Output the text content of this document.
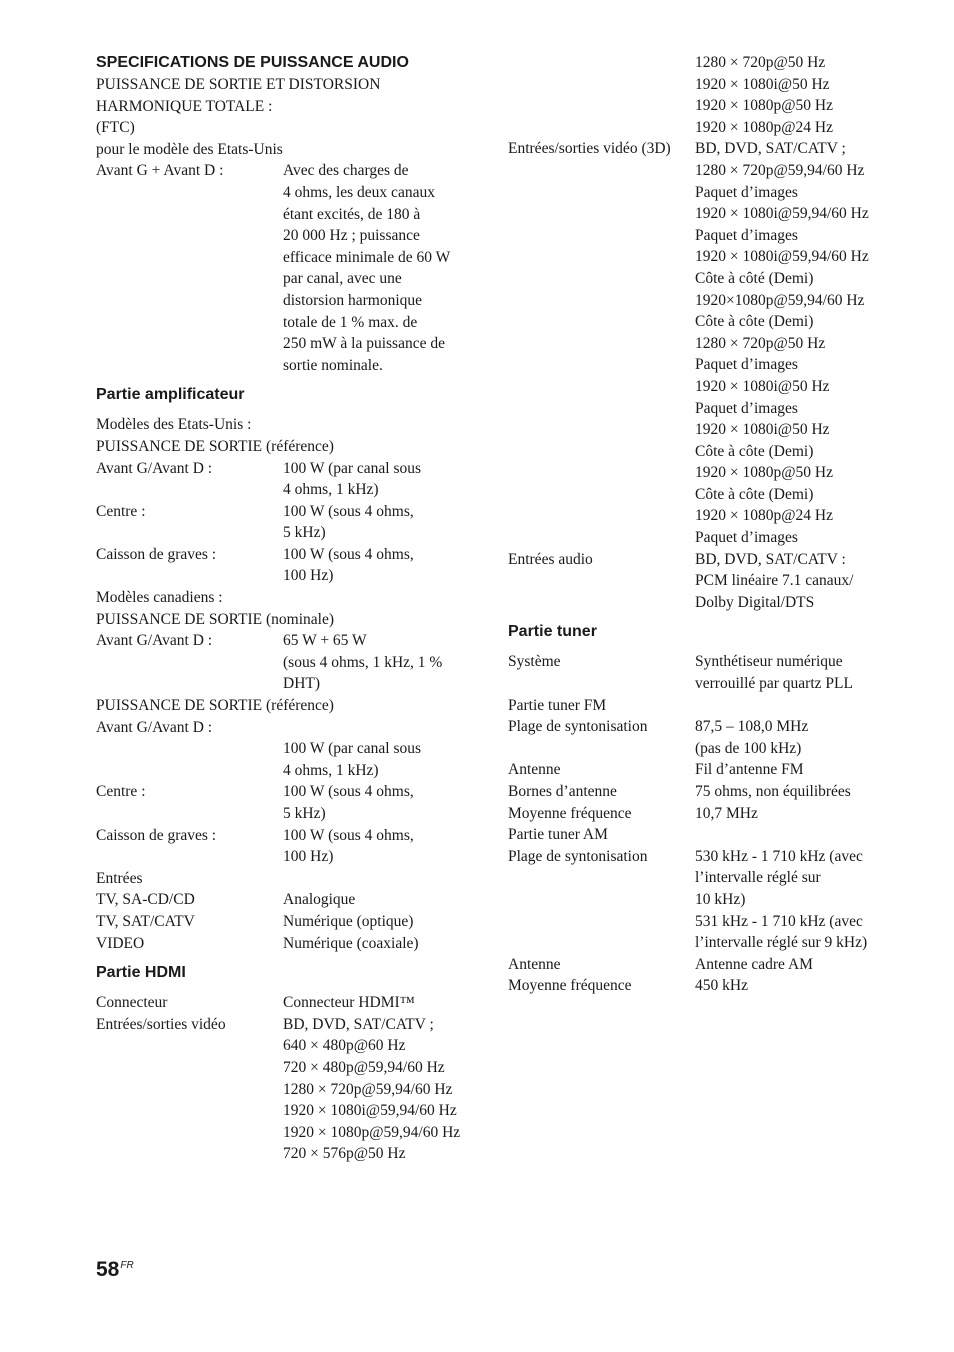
SPECIFICATIONS DE PUISSANCE AUDIO
PUISSANCE DE SORTIE ET DISTORSION
HARMONIQUE TOTALE :
(FTC)
pour le modèle des Etats-Unis
Avant G + Avant D :	Avec des charges de
4 ohms, les deux canaux
étant excités, de 180 à
20 000 Hz ; puissance
efficace minimale de 60 W
par canal, avec une
distorsion harmonique
totale de 1 % max. de
250 mW à la puissance de
sortie nominale.
Partie amplificateur
Modèles des Etats-Unis :
PUISSANCE DE SORTIE (référence)
Avant G/Avant D :	100 W (par canal sous
4 ohms, 1 kHz)
Centre :	100 W (sous 4 ohms,
5 kHz)
Caisson de graves :	100 W (sous 4 ohms,
100 Hz)
Modèles canadiens :
PUISSANCE DE SORTIE (nominale)
Avant G/Avant D :	65 W + 65 W
(sous 4 ohms, 1 kHz, 1 %
DHT)
PUISSANCE DE SORTIE (référence)
Avant G/Avant D :
100 W (par canal sous
4 ohms, 1 kHz)
Centre :	100 W (sous 4 ohms,
5 kHz)
Caisson de graves :	100 W (sous 4 ohms,
100 Hz)
Entrées
TV, SA-CD/CD	Analogique
TV, SAT/CATV	Numérique (optique)
VIDEO	Numérique (coaxiale)
Partie HDMI
Connecteur	Connecteur HDMI™
Entrées/sorties vidéo	BD, DVD, SAT/CATV ;
640 × 480p@60 Hz
720 × 480p@59,94/60 Hz
1280 × 720p@59,94/60 Hz
1920 × 1080i@59,94/60 Hz
1920 × 1080p@59,94/60 Hz
720 × 576p@50 Hz
1280 × 720p@50 Hz
1920 × 1080i@50 Hz
1920 × 1080p@50 Hz
1920 × 1080p@24 Hz
Entrées/sorties vidéo (3D)	BD, DVD, SAT/CATV ;
1280 × 720p@59,94/60 Hz
Paquet d’images
1920 × 1080i@59,94/60 Hz
Paquet d’images
1920 × 1080i@59,94/60 Hz
Côte à côté (Demi)
1920×1080p@59,94/60 Hz
Côte à côte (Demi)
1280 × 720p@50 Hz
Paquet d’images
1920 × 1080i@50 Hz
Paquet d’images
1920 × 1080i@50 Hz
Côte à côte (Demi)
1920 × 1080p@50 Hz
Côte à côte (Demi)
1920 × 1080p@24 Hz
Paquet d’images
Entrées audio	BD, DVD, SAT/CATV :
PCM linéaire 7.1 canaux/
Dolby Digital/DTS
Partie tuner
Système	Synthétiseur numérique
verrouillé par quartz PLL
Partie tuner FM
Plage de syntonisation	87,5 – 108,0 MHz
(pas de 100 kHz)
Antenne	Fil d’antenne FM
Bornes d’antenne	75 ohms, non équilibrées
Moyenne fréquence	10,7 MHz
Partie tuner AM
Plage de syntonisation	530 kHz - 1 710 kHz (avec
l’intervalle réglé sur
10 kHz)
531 kHz - 1 710 kHz (avec
l’intervalle réglé sur 9 kHz)
Antenne	Antenne cadre AM
Moyenne fréquence	450 kHz
$58^{FR}$
